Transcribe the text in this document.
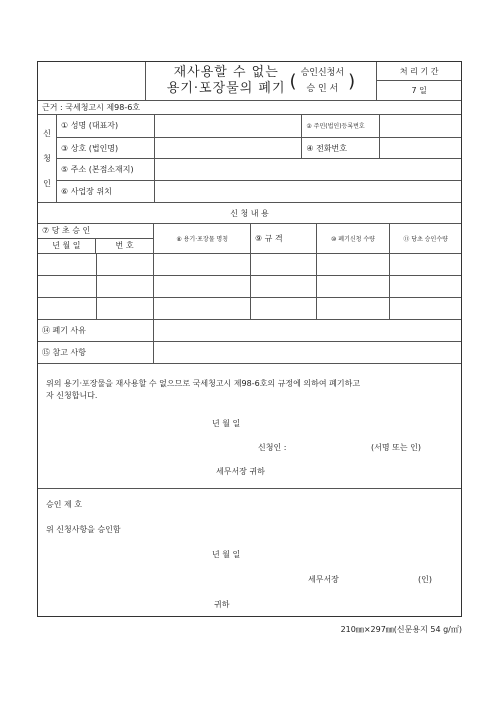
재사용할 수 없는
용기·포장물의 폐기 ( 승인신청서
승 인 서 )	처 리 기 간
7 일
근거 : 국세청고시 제98-6호
신
청
인
① 성명 (대표자)	② 주민(법인)등록번호
③ 상호 (법인명)	④ 전화번호
⑤ 주소 (본점소재지)
⑥ 사업장 위치
신 청 내 용
⑦ 당 초 승 인
년 월 일	번 호
⑧ 용기·포장물 명칭	⑨ 규 격	⑩ 폐기신청 수량	⑪ 당초 승인수량
⑭ 폐기 사유
⑮ 참고 사항
위의 용기·포장물을 재사용할 수 없으므로 국세청고시 제98-6호의 규정에 의하여 폐기하고
자 신청합니다.
년 월 일
신청인 :	(서명 또는 인)
세무서장 귀하
승인 제 호
위 신청사항을 승인함
년 월 일
세무서장	(인)
귀하
210㎜×297㎜(신문용지 54 g/㎡)
